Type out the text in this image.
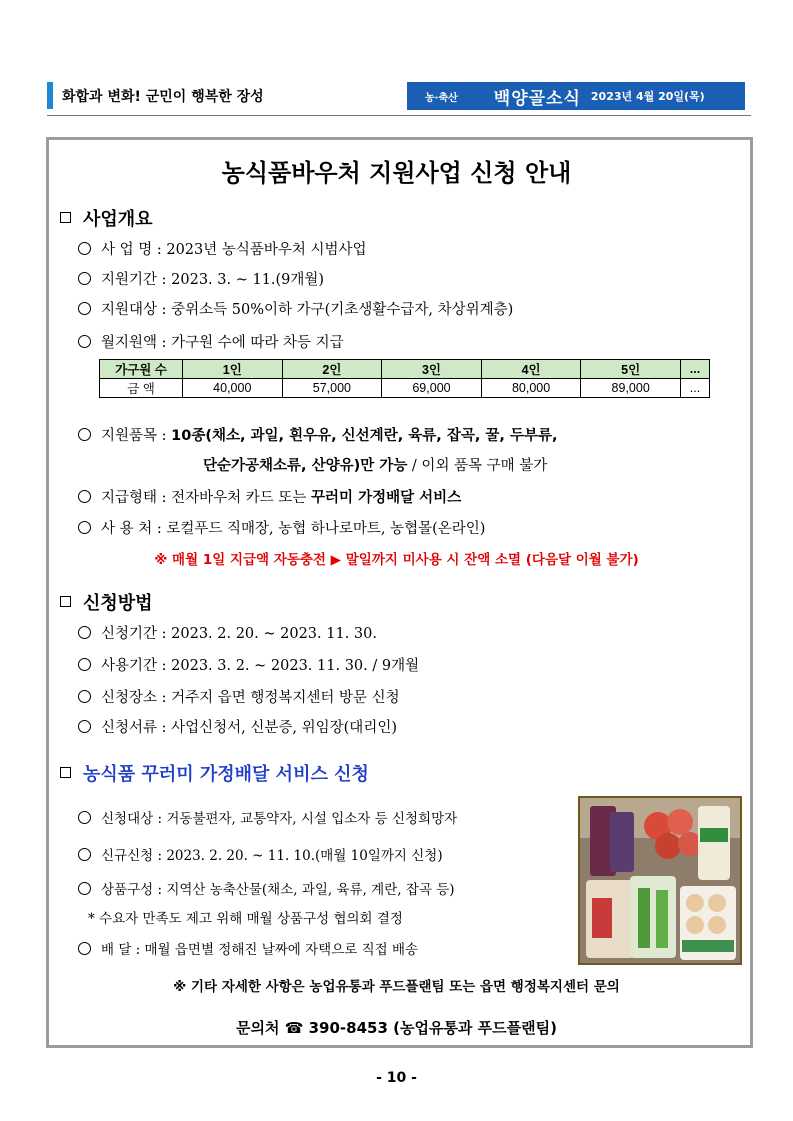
화합과 변화! 군민이 행복한 장성	농·축산 백양골소식 2023년 4월 20일(목)
농식품바우처 지원사업 신청 안내
사업개요
사 업 명 : 2023년 농식품바우처 시범사업
지원기간 : 2023. 3. ~ 11.(9개월)
지원대상 : 중위소득 50%이하 가구(기초생활수급자, 차상위계층)
월지원액 : 가구원 수에 따라 차등 지급
가구원 수	1인	2인	3인	4인	5인	...
금 액	40,000	57,000	69,000	80,000	89,000	...
지원품목 : 10종(채소, 과일, 흰우유, 신선계란, 육류, 잡곡, 꿀, 두부류,
단순가공채소류, 산양유)만 가능 / 이외 품목 구매 불가
지급형태 : 전자바우처 카드 또는 꾸러미 가정배달 서비스
사 용 처 : 로컬푸드 직매장, 농협 하나로마트, 농협몰(온라인)
※ 매월 1일 지급액 자동충전 ▶ 말일까지 미사용 시 잔액 소멸 (다음달 이월 불가)
신청방법
신청기간 : 2023. 2. 20. ~ 2023. 11. 30.
사용기간 : 2023. 3. 2. ~ 2023. 11. 30. / 9개월
신청장소 : 거주지 읍면 행정복지센터 방문 신청
신청서류 : 사업신청서, 신분증, 위임장(대리인)
농식품 꾸러미 가정배달 서비스 신청
신청대상 : 거동불편자, 교통약자, 시설 입소자 등 신청희망자
신규신청 : 2023. 2. 20. ~ 11. 10.(매월 10일까지 신청)
상품구성 : 지역산 농축산물(채소, 과일, 육류, 계란, 잡곡 등)
* 수요자 만족도 제고 위해 매월 상품구성 협의회 결정
배 달 : 매월 읍면별 정해진 날짜에 자택으로 직접 배송
※ 기타 자세한 사항은 농업유통과 푸드플랜팀 또는 읍면 행정복지센터 문의
문의처 ☎ 390-8453 (농업유통과 푸드플랜팀)
- 10 -
